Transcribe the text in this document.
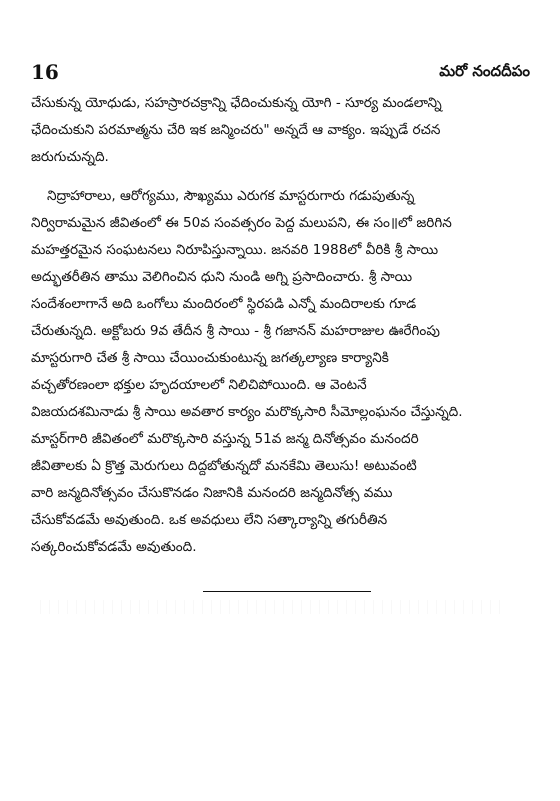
16	మరో నందదీపం
చేసుకున్న యోధుడు, సహస్రారచక్రాన్ని ఛేదించుకున్న యోగి - సూర్య మండలాన్ని
ఛేదించుకుని పరమాత్మను చేరి ఇక జన్మించరు" అన్నదే ఆ వాక్యం. ఇప్పుడే రచన
జరుగుచున్నది.
నిద్రాహారాలు, ఆరోగ్యము, సౌఖ్యము ఎరుగక మాస్టరుగారు గడుపుతున్న
నిర్విరామమైన జీవితంలో ఈ 50వ సంవత్సరం పెద్ద మలుపని, ఈ సం॥లో జరిగిన
మహత్తరమైన సంఘటనలు నిరూపిస్తున్నాయి. జనవరి 1988లో వీరికి శ్రీ సాయి
అద్భుతరీతిన తాము వెలిగించిన ధుని నుండి అగ్ని ప్రసాదించారు. శ్రీ సాయి
సందేశంలాగానే అది ఒంగోలు మందిరంలో స్థిరపడి ఎన్నో మందిరాలకు గూడ
చేరుతున్నది. అక్టోబరు 9వ తేదీన శ్రీ సాయి - శ్రీ గజానన్ మహరాజుల ఊరేగింపు
మాస్టరుగారి చేత శ్రీ సాయి చేయించుకుంటున్న జగత్కల్యాణ కార్యానికి
వచ్చతోరణంలా భక్తుల హృదయాలలో నిలిచిపోయింది. ఆ వెంటనే
విజయదశమినాడు శ్రీ సాయి అవతార కార్యం మరొక్కసారి సీమోల్లంఘనం చేస్తున్నది.
మాస్టర్‌గారి జీవితంలో మరొక్కసారి వస్తున్న 51వ జన్మ దినోత్సవం మనందరి
జీవితాలకు ఏ క్రొత్త మెరుగులు దిద్దబోతున్నదో మనకేమి తెలుసు! అటువంటి
వారి జన్మదినోత్సవం చేసుకొనడం నిజానికి మనందరి జన్మదినోత్స వము
చేసుకోవడమే అవుతుంది. ఒక అవధులు లేని సత్కార్యాన్ని తగురీతిన
సత్కరించుకోవడమే అవుతుంది.
